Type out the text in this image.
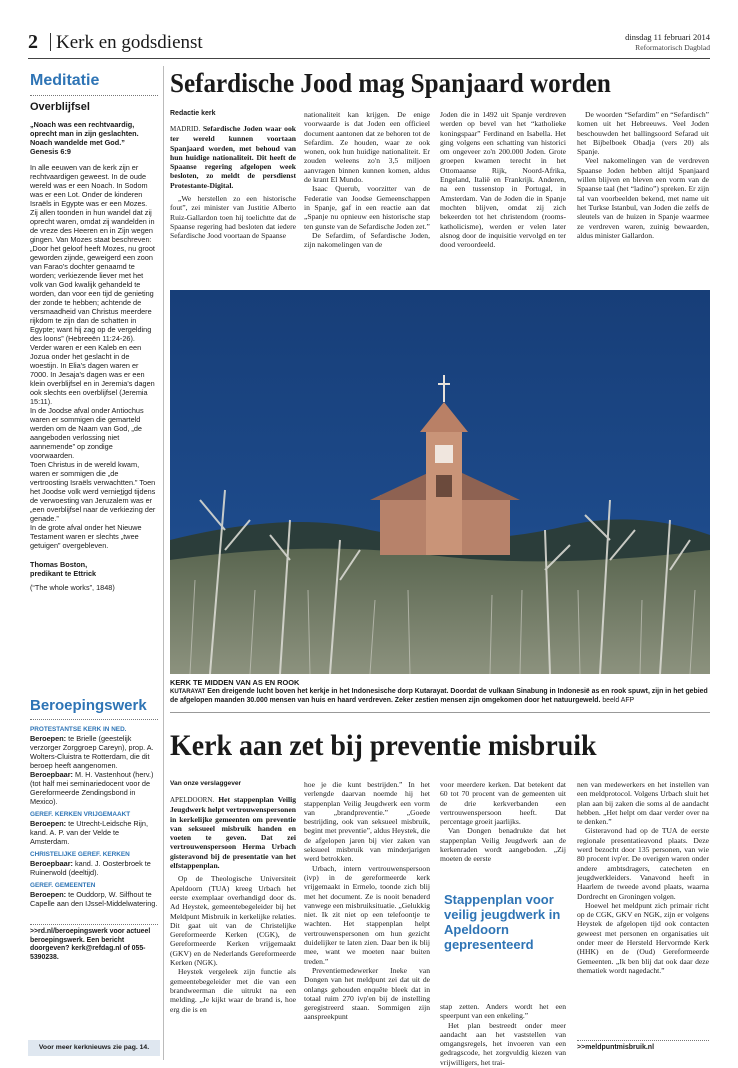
2 Kerk en godsdienst	dinsdag 11 februari 2014
Reformatorisch Dagblad
Meditatie
Overblijfsel

„Noach was een rechtvaardig, oprecht man in zijn geslachten. Noach wandelde met God.”

Genesis 6:9

In alle eeuwen van de kerk zijn er rechtvaardigen geweest. In de oude wereld was er een Noach. In Sodom was er een Lot. Onder de kinderen Israëls in Egypte was er een Mozes.

Zij allen toonden in hun wandel dat zij oprecht waren, omdat zij wandelden in de vreze des Heeren en in Zijn wegen gingen. Van Mozes staat beschreven: „Door het geloof heeft Mozes, nu groot geworden zijnde, geweigerd een zoon van Farao's dochter genaamd te worden; verkiezende liever met het volk van God kwalijk gehandeld te worden, dan voor een tijd de genieting der zonde te hebben; achtende de versmaadheid van Christus meerdere rijkdom te zijn dan de schatten in Egypte; want hij zag op de vergelding des loons” (Hebreeën 11:24-26).

Verder waren er een Kaleb en een Jozua onder het geslacht in de woestijn. In Elia's dagen waren er 7000. In Jesaja's dagen was er een klein overblijfsel en in Jeremia's dagen ook slechts een overblijfsel (Jeremia 15:11).

In de Joodse afval onder Antiochus waren er sommigen die gemarteld werden om de Naam van God, „de aangeboden verlossing niet aannemende” op zondige voorwaarden.

Toen Christus in de wereld kwam, waren er sommigen die „de vertroosting Israëls verwachtten.” Toen het Joodse volk werd verniet̲igd tijdens de verwoesting van Jeruzalem was er „een overblijfsel naar de verkiezing der genade.”

In de grote afval onder het Nieuwe Testament waren er slechts „twee getuigen” overgebleven.

Thomas Boston,

predikant te Ettrick

(“The whole works”, 1848)

Beroepingswerk

PROTESTANTSE KERK IN NED.

Beroepen: te Brielle (geestelijk verzorger Zorggroep Careyn), prop. A. Wolters-Cluistra te Rotterdam, die dit beroep heeft aangenomen.

Beroepbaar: M. H. Vastenhout (herv.) (tot half mei seminariedocent voor de Gereformeerde Zendingsbond in Mexico).

GEREF. KERKEN VRIJGEMAAKT

Beroepen: te Utrecht-Leidsche Rijn, kand. A. P. van der Velde te Amsterdam.

CHRISTELIJKE GEREF. KERKEN

Beroepbaar: kand. J. Oosterbroek te Ruinerwold (deeltijd).

GEREF. GEMEENTEN

Beroepen: te Ouddorp, W. Silfhout te Capelle aan den IJssel-Middelwatering.

>>rd.nl/beroepingswerk voor actueel beroepingswerk. Een bericht doorgeven? kerk@refdag.nl of 055-5390238.
Voor meer kerknieuws zie pag. 14.
Sefardische Jood mag Spanjaard worden
Redactie kerk

MADRID. Sefardische Joden waar ook ter wereld kunnen voortaan Spanjaard worden, met behoud van hun huidige nationaliteit. Dit heeft de Spaanse regering afgelopen week besloten, zo meldt de persdienst Protestante-Digital.

„We herstellen zo een historische fout”, zei minister van Justitie Alberto Ruiz-Gallardon toen hij toelichtte dat de Spaanse regering had besloten dat iedere Sefardische Jood voortaan de Spaanse

nationaliteit kan krijgen. De enige voorwaarde is dat Joden een officieel document aantonen dat ze behoren tot de Sefardim. Ze houden, waar ze ook wonen, ook hun huidige nationaliteit. Er zouden weleens zo'n 3,5 miljoen aanvragen binnen kunnen komen, aldus de krant El Mundo.

Isaac Querub, voorzitter van de Federatie van Joodse Gemeenschappen in Spanje, gaf in een reactie aan dat „Spanje nu opnieuw een historische stap ten gunste van de Sefardische Joden zet.”

De Sefardim, of Sefardische Joden, zijn nakomelingen van de

Joden die in 1492 uit Spanje verdreven werden op bevel van het “katholieke koningspaar” Ferdinand en Isabella. Het ging volgens een schatting van historici om ongeveer zo'n 200.000 Joden. Grote groepen kwamen terecht in het Ottomaanse Rijk, Noord-Afrika, Engeland, Italië en Frankrijk. Anderen, na een tussenstop in Portugal, in Amsterdam. Van de Joden die in Spanje mochten blijven, omdat zij zich bekeerden tot het christendom (rooms-katholicisme), werden er velen later alsnog door de inquisitie vervolgd en ter dood veroordeeld.

De woorden “Sefardim” en “Sefardisch” komen uit het Hebreeuws. Veel Joden beschouwden het ballingsoord Sefarad uit het Bijbelboek Obadja (vers 20) als Spanje.

Veel nakomelingen van de verdreven Spaanse Joden hebben altijd Spanjaard willen blijven en bleven een vorm van de Spaanse taal (het “ladino”) spreken. Er zijn tal van voorbeelden bekend, met name uit het Turkse Istanbul, van Joden die zelfs de sleutels van de huizen in Spanje waarmee ze verdreven waren, zuinig bewaarden, aldus minister Gallardon.

KERK TE MIDDEN VAN AS EN ROOK
KUTARAYAT Een dreigende lucht boven het kerkje in het Indonesische dorp Kutarayat. Doordat de vulkaan Sinabung in Indonesië as en rook spuwt, zijn in het gebied de afgelopen maanden 30.000 mensen van huis en haard verdreven. Zeker zestien mensen zijn omgekomen door het natuurgeweld. beeld AFP
Kerk aan zet bij preventie misbruik
Van onze verslaggever

APELDOORN. Het stappenplan Veilig Jeugdwerk helpt vertrouwenspersonen in kerkelijke gemeenten om preventie van seksueel misbruik handen en voeten te geven. Dat zei vertrouwenspersoon Herma Urbach gisteravond bij de presentatie van het elfstappenplan.

Op de Theologische Universiteit Apeldoorn (TUA) kreeg Urbach het eerste exemplaar overhandigd door ds. Ad Heystek, gemeentebegeleider bij het Meldpunt Misbruik in kerkelijke relaties. Dit gaat uit van de Christelijke Gereformeerde Kerken (CGK), de Gereformeerde Kerken vrijgemaakt (GKV) en de Nederlands Gereformeerde Kerken (NGK).

Heystek vergeleek zijn functie als gemeentebegeleider met die van een brandweerman die uitrukt na een melding. „Je kijkt waar de brand is, hoe erg die is en

hoe je die kunt bestrijden.” In het verlengde daarvan noemde hij het stappenplan Veilig Jeugdwerk een vorm van „brandpreventie.” „Goede bestrijding, ook van seksueel misbruik, begint met preventie”, aldus Heystek, die de afgelopen jaren bij vier zaken van seksueel misbruik van minderjarigen werd betrokken.

Urbach, intern vertrouwenspersoon (ivp) in de gereformeerde kerk vrijgemaakt in Ermelo, toonde zich blij met het document. Ze is nooit benaderd vanwege een misbruiksituatie. „Gelukkig niet. Ik zit niet op een telefoontje te wachten. Het stappenplan helpt vertrouwenspersonen om hun gezicht duidelijker te laten zien. Daar ben ik blij mee, want we moeten naar buiten treden.”

Preventiemedewerker Ineke van Dongen van het meldpunt zei dat uit de onlangs gehouden enquête bleek dat in totaal ruim 270 ivp'en bij de instelling geregistreerd staan. Sommigen zijn aanspreekpunt

voor meerdere kerken. Dat betekent dat 60 tot 70 procent van de gemeenten uit de drie kerkverbanden een vertrouwenspersoon heeft. Dat percentage groeit jaarlijks.

Van Dongen benadrukte dat het stappenplan Veilig Jeugdwerk aan de kerkenraden wordt aangeboden. „Zij moeten de eerste

Stappenplan voor veilig jeugdwerk in Apeldoorn gepresenteerd

stap zetten. Anders wordt het een speerpunt van een enkeling.”

Het plan bestreedt onder meer aandacht aan het vaststellen van omgangsregels, het invoeren van een gedragscode, het zorgvuldig kiezen van vrijwilligers, het trai-

nen van medewerkers en het instellen van een meldprotocol. Volgens Urbach sluit het plan aan bij zaken die soms al de aandacht hebben. „Het helpt om daar verder over na te denken.”

Gisteravond had op de TUA de eerste regionale presentatieavond plaats. Deze werd bezocht door 135 personen, van wie 80 procent ivp'er. De overigen waren onder andere ambtsdragers, catecheten en jeugdwerkleiders. Vanavond heeft in Haarlem de tweede avond plaats, waarna Dordrecht en Groningen volgen.

Hoewel het meldpunt zich primair richt op de CGK, GKV en NGK, zijn er volgens Heystek de afgelopen tijd ook contacten geweest met personen en organisaties uit onder meer de Hersteld Hervormde Kerk (HHK) en de (Oud) Gereformeerde Gemeenten. „Ik ben blij dat ook daar deze thematiek wordt nagedacht.”

>>meldpuntmisbruik.nl
